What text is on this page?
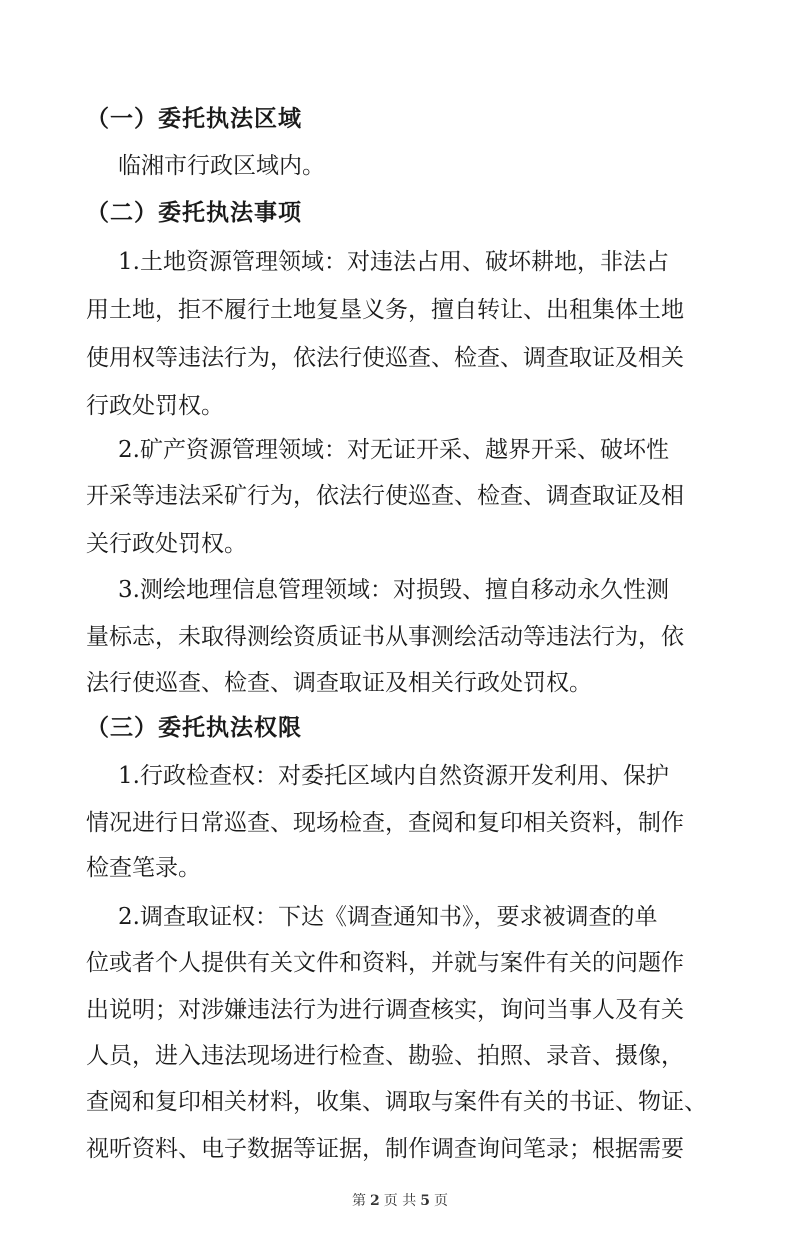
（一）委托执法区域
临湘市行政区域内。
（二）委托执法事项
1.土地资源管理领域：对违法占用、破坏耕地，非法占
用土地，拒不履行土地复垦义务，擅自转让、出租集体土地
使用权等违法行为，依法行使巡查、检查、调查取证及相关
行政处罚权。
2.矿产资源管理领域：对无证开采、越界开采、破坏性
开采等违法采矿行为，依法行使巡查、检查、调查取证及相
关行政处罚权。
3.测绘地理信息管理领域：对损毁、擅自移动永久性测
量标志，未取得测绘资质证书从事测绘活动等违法行为，依
法行使巡查、检查、调查取证及相关行政处罚权。
（三）委托执法权限
1.行政检查权：对委托区域内自然资源开发利用、保护
情况进行日常巡查、现场检查，查阅和复印相关资料，制作
检查笔录。
2.调查取证权：下达《调查通知书》，要求被调查的单
位或者个人提供有关文件和资料，并就与案件有关的问题作
出说明；对涉嫌违法行为进行调查核实，询问当事人及有关
人员，进入违法现场进行检查、勘验、拍照、录音、摄像，
查阅和复印相关材料，收集、调取与案件有关的书证、物证、
视听资料、电子数据等证据，制作调查询问笔录；根据需要
第 2 页 共 5 页
